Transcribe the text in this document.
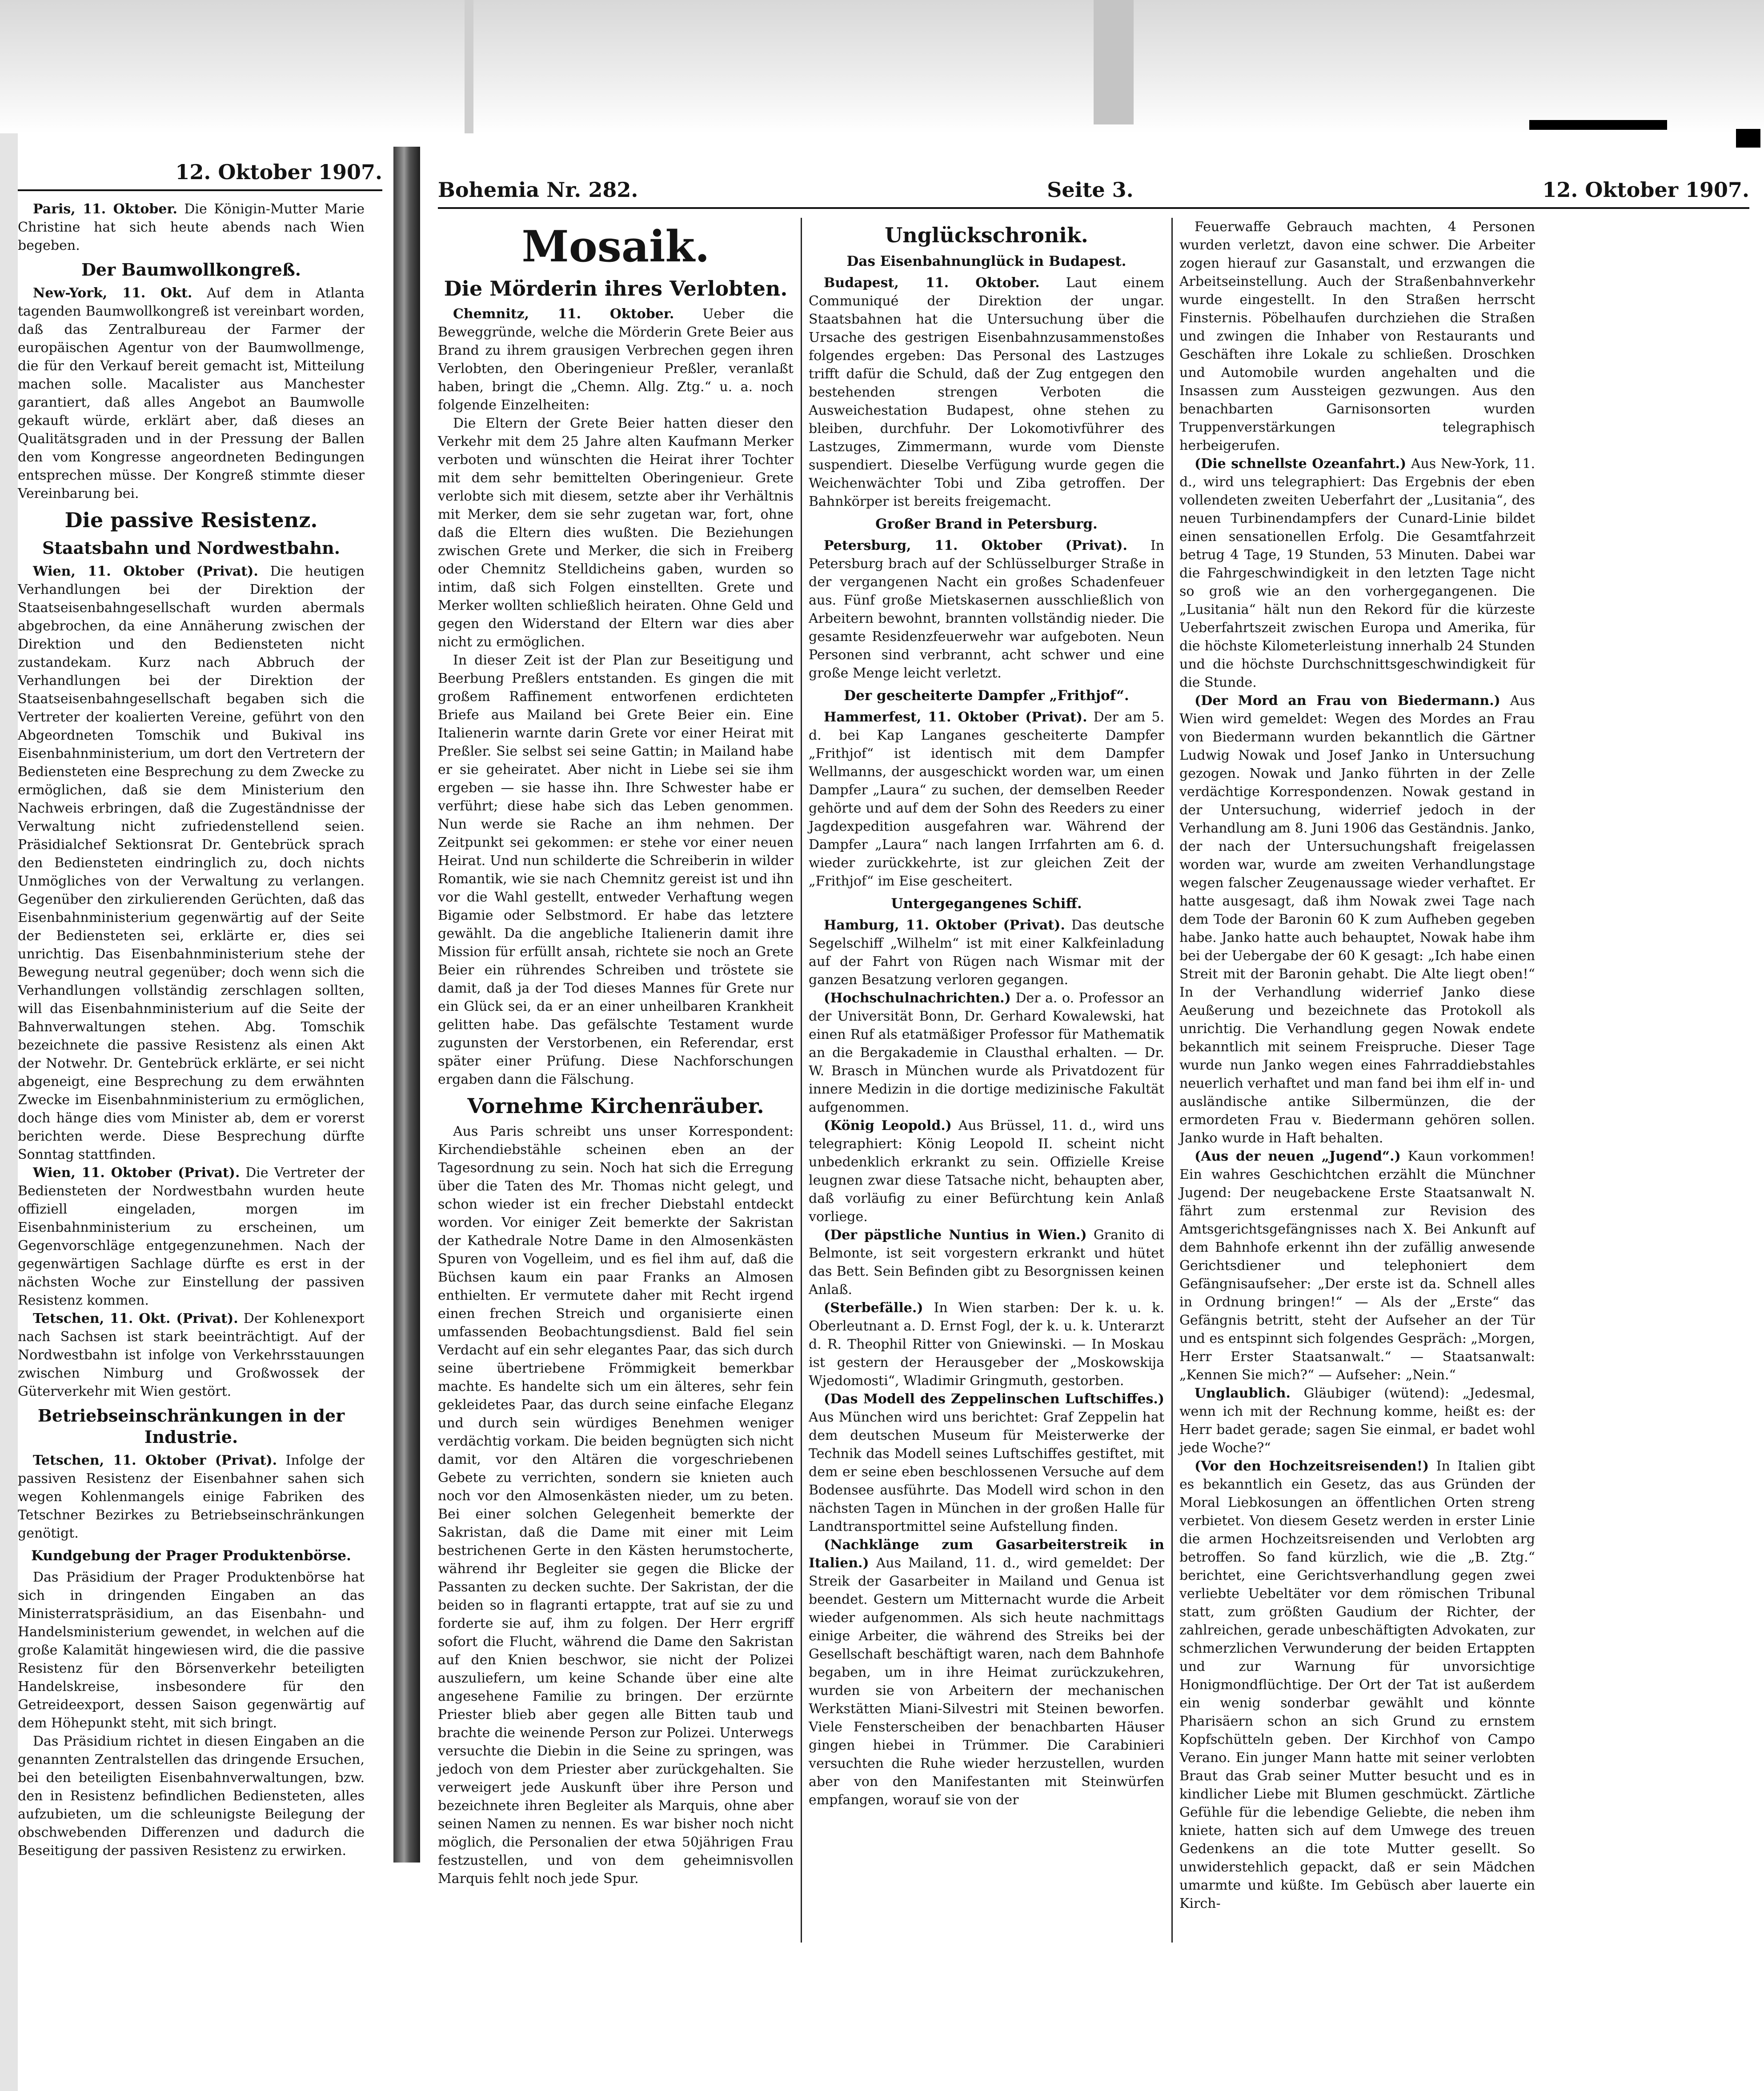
12. Oktober 1907.

Paris, 11. Oktober. Die Königin-Mutter Marie Christine hat sich heute abends nach Wien begeben.

Der Baumwollkongreß.

New-York, 11. Okt. Auf dem in Atlanta tagenden Baumwollkongreß ist vereinbart worden, daß das Zentralbureau der Farmer der europäischen Agentur von der Baumwollmenge, die für den Verkauf bereit gemacht ist, Mitteilung machen solle. Macalister aus Manchester garantiert, daß alles Angebot an Baumwolle gekauft würde, erklärt aber, daß dieses an Qualitätsgraden und in der Pressung der Ballen den vom Kongresse angeordneten Bedingungen entsprechen müsse. Der Kongreß stimmte dieser Vereinbarung bei.

Die passive Resistenz.
Staatsbahn und Nordwestbahn.

Wien, 11. Oktober (Privat). Die heutigen Verhandlungen bei der Direktion der Staatseisenbahngesellschaft wurden abermals abgebrochen, da eine Annäherung zwischen der Direktion und den Bediensteten nicht zustandekam. Kurz nach Abbruch der Verhandlungen bei der Direktion der Staatseisenbahngesellschaft begaben sich die Vertreter der koalierten Vereine, geführt von den Abgeordneten Tomschik und Bukival ins Eisenbahnministerium, um dort den Vertretern der Bediensteten eine Besprechung zu dem Zwecke zu ermöglichen, daß sie dem Ministerium den Nachweis erbringen, daß die Zugeständnisse der Verwaltung nicht zufriedenstellend seien. Präsidialchef Sektionsrat Dr. Gentebrück sprach den Bediensteten eindringlich zu, doch nichts Unmögliches von der Verwaltung zu verlangen. Gegenüber den zirkulierenden Gerüchten, daß das Eisenbahnministerium gegenwärtig auf der Seite der Bediensteten sei, erklärte er, dies sei unrichtig. Das Eisenbahnministerium stehe der Bewegung neutral gegenüber; doch wenn sich die Verhandlungen vollständig zerschlagen sollten, will das Eisenbahnministerium auf die Seite der Bahnverwaltungen stehen. Abg. Tomschik bezeichnete die passive Resistenz als einen Akt der Notwehr. Dr. Gentebrück erklärte, er sei nicht abgeneigt, eine Besprechung zu dem erwähnten Zwecke im Eisenbahnministerium zu ermöglichen, doch hänge dies vom Minister ab, dem er vorerst berichten werde. Diese Besprechung dürfte Sonntag stattfinden.

Wien, 11. Oktober (Privat). Die Vertreter der Bediensteten der Nordwestbahn wurden heute offiziell eingeladen, morgen im Eisenbahnministerium zu erscheinen, um Gegenvorschläge entgegenzunehmen. Nach der gegenwärtigen Sachlage dürfte es erst in der nächsten Woche zur Einstellung der passiven Resistenz kommen.

Tetschen, 11. Okt. (Privat). Der Kohlenexport nach Sachsen ist stark beeinträchtigt. Auf der Nordwestbahn ist infolge von Verkehrsstauungen zwischen Nimburg und Großwossek der Güterverkehr mit Wien gestört.

Betriebseinschränkungen in der Industrie.

Tetschen, 11. Oktober (Privat). Infolge der passiven Resistenz der Eisenbahner sahen sich wegen Kohlenmangels einige Fabriken des Tetschner Bezirkes zu Betriebseinschränkungen genötigt.

Kundgebung der Prager Produktenbörse.

Das Präsidium der Prager Produktenbörse hat sich in dringenden Eingaben an das Ministerratspräsidium, an das Eisenbahn- und Handelsministerium gewendet, in welchen auf die große Kalamität hingewiesen wird, die die passive Resistenz für den Börsenverkehr beteiligten Handelskreise, insbesondere für den Getreideexport, dessen Saison gegenwärtig auf dem Höhepunkt steht, mit sich bringt.

Das Präsidium richtet in diesen Eingaben an die genannten Zentralstellen das dringende Ersuchen, bei den beteiligten Eisenbahnverwaltungen, bzw. den in Resistenz befindlichen Bediensteten, alles aufzubieten, um die schleunigste Beilegung der obschwebenden Differenzen und dadurch die Beseitigung der passiven Resistenz zu erwirken.

Bohemia Nr. 282.	Seite 3.	12. Oktober 1907.
Mosaik.
Die Mörderin ihres Verlobten.

Chemnitz, 11. Oktober. Ueber die Beweggründe, welche die Mörderin Grete Beier aus Brand zu ihrem grausigen Verbrechen gegen ihren Verlobten, den Oberingenieur Preßler, veranlaßt haben, bringt die „Chemn. Allg. Ztg.“ u. a. noch folgende Einzelheiten:

Die Eltern der Grete Beier hatten dieser den Verkehr mit dem 25 Jahre alten Kaufmann Merker verboten und wünschten die Heirat ihrer Tochter mit dem sehr bemittelten Oberingenieur. Grete verlobte sich mit diesem, setzte aber ihr Verhältnis mit Merker, dem sie sehr zugetan war, fort, ohne daß die Eltern dies wußten. Die Beziehungen zwischen Grete und Merker, die sich in Freiberg oder Chemnitz Stelldicheins gaben, wurden so intim, daß sich Folgen einstellten. Grete und Merker wollten schließlich heiraten. Ohne Geld und gegen den Widerstand der Eltern war dies aber nicht zu ermöglichen.

In dieser Zeit ist der Plan zur Beseitigung und Beerbung Preßlers entstanden. Es gingen die mit großem Raffinement entworfenen erdichteten Briefe aus Mailand bei Grete Beier ein. Eine Italienerin warnte darin Grete vor einer Heirat mit Preßler. Sie selbst sei seine Gattin; in Mailand habe er sie geheiratet. Aber nicht in Liebe sei sie ihm ergeben — sie hasse ihn. Ihre Schwester habe er verführt; diese habe sich das Leben genommen. Nun werde sie Rache an ihm nehmen. Der Zeitpunkt sei gekommen: er stehe vor einer neuen Heirat. Und nun schilderte die Schreiberin in wilder Romantik, wie sie nach Chemnitz gereist ist und ihn vor die Wahl gestellt, entweder Verhaftung wegen Bigamie oder Selbstmord. Er habe das letztere gewählt. Da die angebliche Italienerin damit ihre Mission für erfüllt ansah, richtete sie noch an Grete Beier ein rührendes Schreiben und tröstete sie damit, daß ja der Tod dieses Mannes für Grete nur ein Glück sei, da er an einer unheilbaren Krankheit gelitten habe. Das gefälschte Testament wurde zugunsten der Verstorbenen, ein Referendar, erst später einer Prüfung. Diese Nachforschungen ergaben dann die Fälschung.

Vornehme Kirchenräuber.

Aus Paris schreibt uns unser Korrespondent: Kirchendiebstähle scheinen eben an der Tagesordnung zu sein. Noch hat sich die Erregung über die Taten des Mr. Thomas nicht gelegt, und schon wieder ist ein frecher Diebstahl entdeckt worden. Vor einiger Zeit bemerkte der Sakristan der Kathedrale Notre Dame in den Almosenkästen Spuren von Vogelleim, und es fiel ihm auf, daß die Büchsen kaum ein paar Franks an Almosen enthielten. Er vermutete daher mit Recht irgend einen frechen Streich und organisierte einen umfassenden Beobachtungsdienst. Bald fiel sein Verdacht auf ein sehr elegantes Paar, das sich durch seine übertriebene Frömmigkeit bemerkbar machte. Es handelte sich um ein älteres, sehr fein gekleidetes Paar, das durch seine einfache Eleganz und durch sein würdiges Benehmen weniger verdächtig vorkam. Die beiden begnügten sich nicht damit, vor den Altären die vorgeschriebenen Gebete zu verrichten, sondern sie knieten auch noch vor den Almosenkästen nieder, um zu beten. Bei einer solchen Gelegenheit bemerkte der Sakristan, daß die Dame mit einer mit Leim bestrichenen Gerte in den Kästen herumstocherte, während ihr Begleiter sie gegen die Blicke der Passanten zu decken suchte. Der Sakristan, der die beiden so in flagranti ertappte, trat auf sie zu und forderte sie auf, ihm zu folgen. Der Herr ergriff sofort die Flucht, während die Dame den Sakristan auf den Knien beschwor, sie nicht der Polizei auszuliefern, um keine Schande über eine alte angesehene Familie zu bringen. Der erzürnte Priester blieb aber gegen alle Bitten taub und brachte die weinende Person zur Polizei. Unterwegs versuchte die Diebin in die Seine zu springen, was jedoch von dem Priester aber zurückgehalten. Sie verweigert jede Auskunft über ihre Person und bezeichnete ihren Begleiter als Marquis, ohne aber seinen Namen zu nennen. Es war bisher noch nicht möglich, die Personalien der etwa 50jährigen Frau festzustellen, und von dem geheimnisvollen Marquis fehlt noch jede Spur.

Unglückschronik.
Das Eisenbahnunglück in Budapest.

Budapest, 11. Oktober. Laut einem Communiqué der Direktion der ungar. Staatsbahnen hat die Untersuchung über die Ursache des gestrigen Eisenbahnzusammenstoßes folgendes ergeben: Das Personal des Lastzuges trifft dafür die Schuld, daß der Zug entgegen den bestehenden strengen Verboten die Ausweichestation Budapest, ohne stehen zu bleiben, durchfuhr. Der Lokomotivführer des Lastzuges, Zimmermann, wurde vom Dienste suspendiert. Dieselbe Verfügung wurde gegen die Weichenwächter Tobi und Ziba getroffen. Der Bahnkörper ist bereits freigemacht.

Großer Brand in Petersburg.

Petersburg, 11. Oktober (Privat). In Petersburg brach auf der Schlüsselburger Straße in der vergangenen Nacht ein großes Schadenfeuer aus. Fünf große Mietskasernen ausschließlich von Arbeitern bewohnt, brannten vollständig nieder. Die gesamte Residenzfeuerwehr war aufgeboten. Neun Personen sind verbrannt, acht schwer und eine große Menge leicht verletzt.

Der gescheiterte Dampfer „Frithjof“.

Hammerfest, 11. Oktober (Privat). Der am 5. d. bei Kap Langanes gescheiterte Dampfer „Frithjof“ ist identisch mit dem Dampfer Wellmanns, der ausgeschickt worden war, um einen Dampfer „Laura“ zu suchen, der demselben Reeder gehörte und auf dem der Sohn des Reeders zu einer Jagdexpedition ausgefahren war. Während der Dampfer „Laura“ nach langen Irrfahrten am 6. d. wieder zurückkehrte, ist zur gleichen Zeit der „Frithjof“ im Eise gescheitert.

Untergegangenes Schiff.

Hamburg, 11. Oktober (Privat). Das deutsche Segelschiff „Wilhelm“ ist mit einer Kalkfeinladung auf der Fahrt von Rügen nach Wismar mit der ganzen Besatzung verloren gegangen.

(Hochschulnachrichten.) Der a. o. Professor an der Universität Bonn, Dr. Gerhard Kowalewski, hat einen Ruf als etatmäßiger Professor für Mathematik an die Bergakademie in Clausthal erhalten. — Dr. W. Brasch in München wurde als Privatdozent für innere Medizin in die dortige medizinische Fakultät aufgenommen.

(König Leopold.) Aus Brüssel, 11. d., wird uns telegraphiert: König Leopold II. scheint nicht unbedenklich erkrankt zu sein. Offizielle Kreise leugnen zwar diese Tatsache nicht, behaupten aber, daß vorläufig zu einer Befürchtung kein Anlaß vorliege.

(Der päpstliche Nuntius in Wien.) Granito di Belmonte, ist seit vorgestern erkrankt und hütet das Bett. Sein Befinden gibt zu Besorgnissen keinen Anlaß.

(Sterbefälle.) In Wien starben: Der k. u. k. Oberleutnant a. D. Ernst Fogl, der k. u. k. Unterarzt d. R. Theophil Ritter von Gniewinski. — In Moskau ist gestern der Herausgeber der „Moskowskija Wjedomosti“, Wladimir Gringmuth, gestorben.

(Das Modell des Zeppelinschen Luftschiffes.) Aus München wird uns berichtet: Graf Zeppelin hat dem deutschen Museum für Meisterwerke der Technik das Modell seines Luftschiffes gestiftet, mit dem er seine eben beschlossenen Versuche auf dem Bodensee ausführte. Das Modell wird schon in den nächsten Tagen in München in der großen Halle für Landtransportmittel seine Aufstellung finden.

(Nachklänge zum Gasarbeiterstreik in Italien.) Aus Mailand, 11. d., wird gemeldet: Der Streik der Gasarbeiter in Mailand und Genua ist beendet. Gestern um Mitternacht wurde die Arbeit wieder aufgenommen. Als sich heute nachmittags einige Arbeiter, die während des Streiks bei der Gesellschaft beschäftigt waren, nach dem Bahnhofe begaben, um in ihre Heimat zurückzukehren, wurden sie von Arbeitern der mechanischen Werkstätten Miani-Silvestri mit Steinen beworfen. Viele Fensterscheiben der benachbarten Häuser gingen hiebei in Trümmer. Die Carabinieri versuchten die Ruhe wieder herzustellen, wurden aber von den Manifestanten mit Steinwürfen empfangen, worauf sie von der

Feuerwaffe Gebrauch machten, 4 Personen wurden verletzt, davon eine schwer. Die Arbeiter zogen hierauf zur Gasanstalt, und erzwangen die Arbeitseinstellung. Auch der Straßenbahnverkehr wurde eingestellt. In den Straßen herrscht Finsternis. Pöbelhaufen durchziehen die Straßen und zwingen die Inhaber von Restaurants und Geschäften ihre Lokale zu schließen. Droschken und Automobile wurden angehalten und die Insassen zum Aussteigen gezwungen. Aus den benachbarten Garnisonsorten wurden Truppenverstärkungen telegraphisch herbeigerufen.

(Die schnellste Ozeanfahrt.) Aus New-York, 11. d., wird uns telegraphiert: Das Ergebnis der eben vollendeten zweiten Ueberfahrt der „Lusitania“, des neuen Turbinendampfers der Cunard-Linie bildet einen sensationellen Erfolg. Die Gesamtfahrzeit betrug 4 Tage, 19 Stunden, 53 Minuten. Dabei war die Fahrgeschwindigkeit in den letzten Tage nicht so groß wie an den vorhergegangenen. Die „Lusitania“ hält nun den Rekord für die kürzeste Ueberfahrtszeit zwischen Europa und Amerika, für die höchste Kilometerleistung innerhalb 24 Stunden und die höchste Durchschnittsgeschwindigkeit für die Stunde.

(Der Mord an Frau von Biedermann.) Aus Wien wird gemeldet: Wegen des Mordes an Frau von Biedermann wurden bekanntlich die Gärtner Ludwig Nowak und Josef Janko in Untersuchung gezogen. Nowak und Janko führten in der Zelle verdächtige Korrespondenzen. Nowak gestand in der Untersuchung, widerrief jedoch in der Verhandlung am 8. Juni 1906 das Geständnis. Janko, der nach der Untersuchungshaft freigelassen worden war, wurde am zweiten Verhandlungstage wegen falscher Zeugenaussage wieder verhaftet. Er hatte ausgesagt, daß ihm Nowak zwei Tage nach dem Tode der Baronin 60 K zum Aufheben gegeben habe. Janko hatte auch behauptet, Nowak habe ihm bei der Uebergabe der 60 K gesagt: „Ich habe einen Streit mit der Baronin gehabt. Die Alte liegt oben!“ In der Verhandlung widerrief Janko diese Aeußerung und bezeichnete das Protokoll als unrichtig. Die Verhandlung gegen Nowak endete bekanntlich mit seinem Freispruche. Dieser Tage wurde nun Janko wegen eines Fahrraddiebstahles neuerlich verhaftet und man fand bei ihm elf in- und ausländische antike Silbermünzen, die der ermordeten Frau v. Biedermann gehören sollen. Janko wurde in Haft behalten.

(Aus der neuen „Jugend“.) Kaun vorkommen! Ein wahres Geschichtchen erzählt die Münchner Jugend: Der neugebackene Erste Staatsanwalt N. fährt zum erstenmal zur Revision des Amtsgerichtsgefängnisses nach X. Bei Ankunft auf dem Bahnhofe erkennt ihn der zufällig anwesende Gerichtsdiener und telephoniert dem Gefängnisaufseher: „Der erste ist da. Schnell alles in Ordnung bringen!“ — Als der „Erste“ das Gefängnis betritt, steht der Aufseher an der Tür und es entspinnt sich folgendes Gespräch: „Morgen, Herr Erster Staatsanwalt.“ — Staatsanwalt: „Kennen Sie mich?“ — Aufseher: „Nein.“

Unglaublich. Gläubiger (wütend): „Jedesmal, wenn ich mit der Rechnung komme, heißt es: der Herr badet gerade; sagen Sie einmal, er badet wohl jede Woche?“

(Vor den Hochzeitsreisenden!) In Italien gibt es bekanntlich ein Gesetz, das aus Gründen der Moral Liebkosungen an öffentlichen Orten streng verbietet. Von diesem Gesetz werden in erster Linie die armen Hochzeitsreisenden und Verlobten arg betroffen. So fand kürzlich, wie die „B. Ztg.“ berichtet, eine Gerichtsverhandlung gegen zwei verliebte Uebeltäter vor dem römischen Tribunal statt, zum größten Gaudium der Richter, der zahlreichen, gerade unbeschäftigten Advokaten, zur schmerzlichen Verwunderung der beiden Ertappten und zur Warnung für unvorsichtige Honigmondflüchtige. Der Ort der Tat ist außerdem ein wenig sonderbar gewählt und könnte Pharisäern schon an sich Grund zu ernstem Kopfschütteln geben. Der Kirchhof von Campo Verano. Ein junger Mann hatte mit seiner verlobten Braut das Grab seiner Mutter besucht und es in kindlicher Liebe mit Blumen geschmückt. Zärtliche Gefühle für die lebendige Geliebte, die neben ihm kniete, hatten sich auf dem Umwege des treuen Gedenkens an die tote Mutter gesellt. So unwiderstehlich gepackt, daß er sein Mädchen umarmte und küßte. Im Gebüsch aber lauerte ein Kirch-
